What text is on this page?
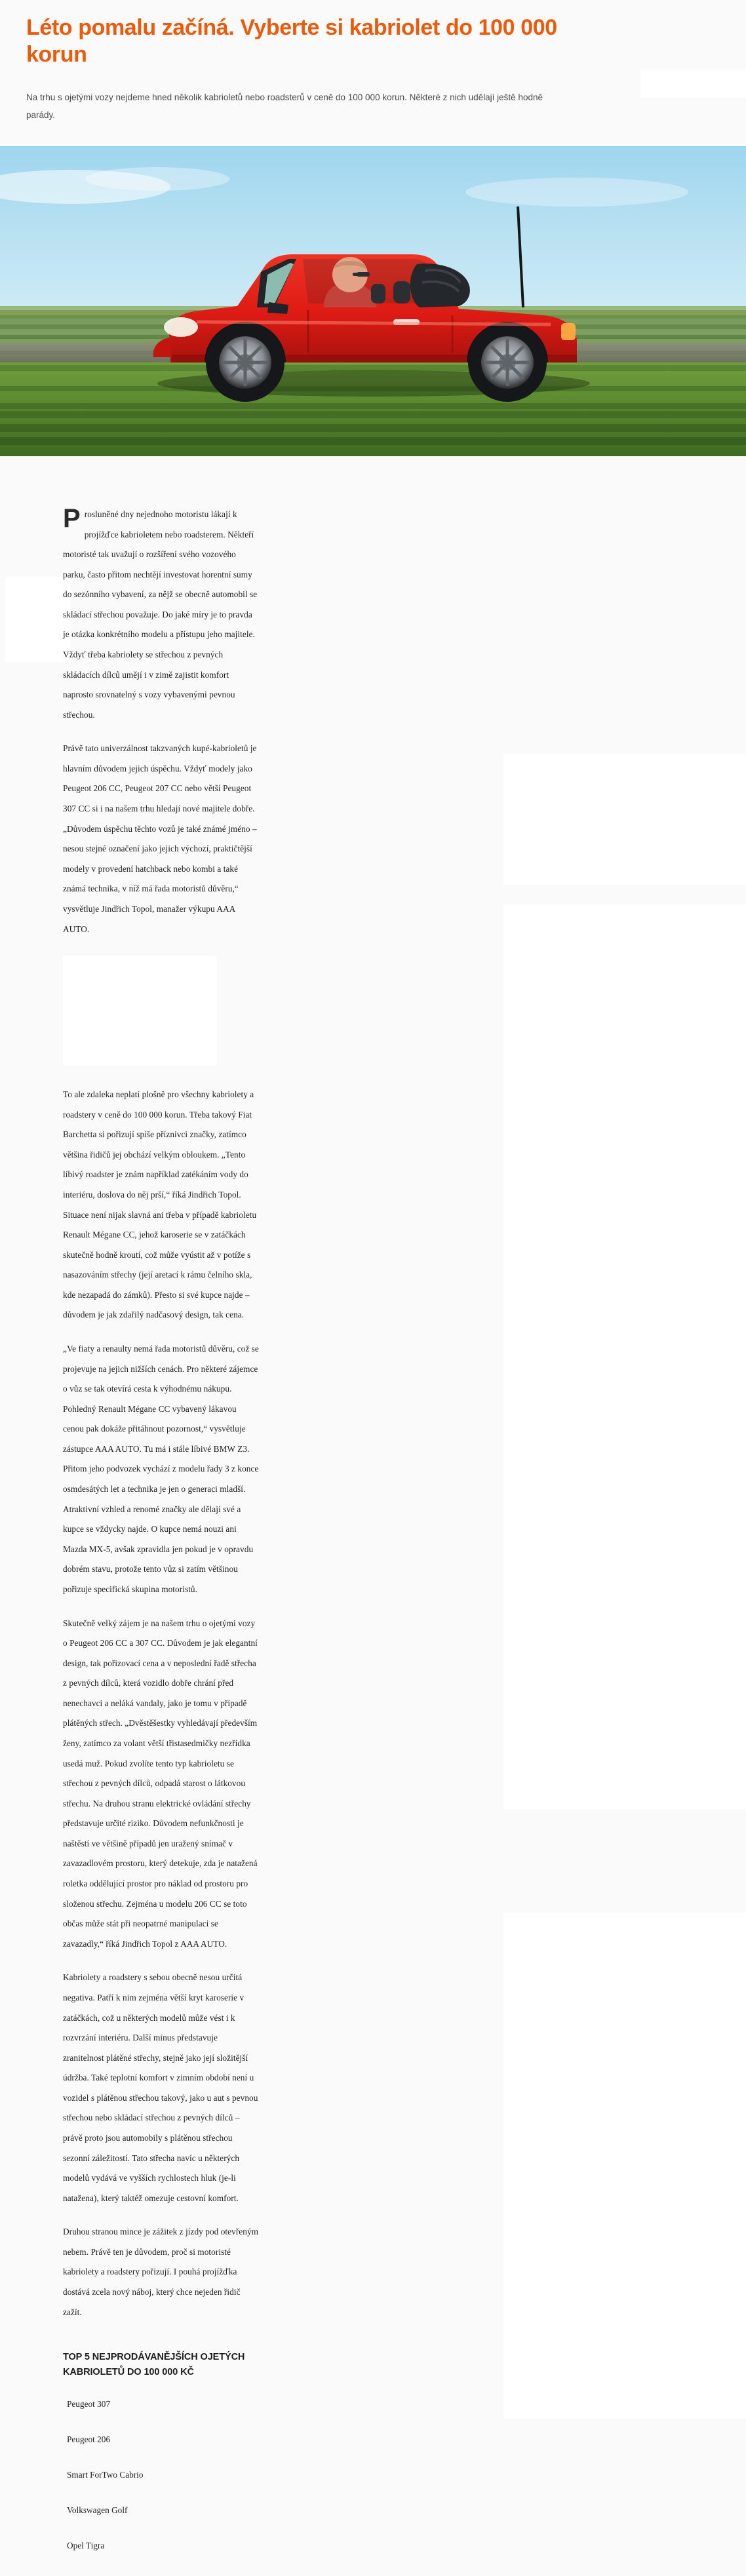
Léto pomalu začíná. Vyberte si kabriolet do 100 000 korun

Na trhu s ojetými vozy nejdeme hned několik kabrioletů nebo roadsterů v ceně do 100 000 korun. Některé z nich udělají ještě hodně parády.

Prosluněné dny nejednoho motoristu lákají k projížďce kabrioletem nebo roadsterem. Někteří motoristé tak uvažují o rozšíření svého vozového parku, často přitom nechtějí investovat horentní sumy do sezónního vybavení, za nějž se obecně automobil se skládací střechou považuje. Do jaké míry je to pravda je otázka konkrétního modelu a přístupu jeho majitele. Vždyť třeba kabriolety se střechou z pevných skládacích dílců umějí i v zimě zajistit komfort naprosto srovnatelný s vozy vybavenými pevnou střechou.

Právě tato univerzálnost takzvaných kupé-kabrioletů je hlavním důvodem jejich úspěchu. Vždyť modely jako Peugeot 206 CC, Peugeot 207 CC nebo větší Peugeot 307 CC si i na našem trhu hledají nové majitele dobře. „Důvodem úspěchu těchto vozů je také známé jméno – nesou stejné označení jako jejich výchozí, praktičtější modely v provedení hatchback nebo kombi a také známá technika, v níž má řada motoristů důvěru,“ vysvětluje Jindřich Topol, manažer výkupu AAA AUTO.

To ale zdaleka neplatí plošně pro všechny kabriolety a roadstery v ceně do 100 000 korun. Třeba takový Fiat Barchetta si pořizují spíše příznivci značky, zatímco většina řidičů jej obchází velkým obloukem. „Tento líbivý roadster je znám například zatékáním vody do interiéru, doslova do něj prší,“ říká Jindřich Topol. Situace není nijak slavná ani třeba v případě kabrioletu Renault Mégane CC, jehož karoserie se v zatáčkách skutečně hodně kroutí, což může vyústit až v potíže s nasazováním střechy (její aretací k rámu čelního skla, kde nezapadá do zámků). Přesto si své kupce najde – důvodem je jak zdařilý nadčasový design, tak cena.

„Ve fiaty a renaulty nemá řada motoristů důvěru, což se projevuje na jejich nižších cenách. Pro některé zájemce o vůz se tak otevírá cesta k výhodnému nákupu. Pohledný Renault Mégane CC vybavený lákavou cenou pak dokáže přitáhnout pozornost,“ vysvětluje zástupce AAA AUTO. Tu má i stále líbivé BMW Z3. Přitom jeho podvozek vychází z modelu řady 3 z konce osmdesátých let a technika je jen o generaci mladší. Atraktivní vzhled a renomé značky ale dělají své a kupce se vždycky najde. O kupce nemá nouzi ani Mazda MX-5, avšak zpravidla jen pokud je v opravdu dobrém stavu, protože tento vůz si zatím většinou pořizuje specifická skupina motoristů.

Skutečně velký zájem je na našem trhu o ojetými vozy o Peugeot 206 CC a 307 CC. Důvodem je jak elegantní design, tak pořizovací cena a v neposlední řadě střecha z pevných dílců, která vozidlo dobře chrání před nenechavci a neláká vandaly, jako je tomu v případě plátěných střech. „Dvěstěšestky vyhledávají především ženy, zatímco za volant větší třistasedmičky nezřídka usedá muž. Pokud zvolíte tento typ kabrioletu se střechou z pevných dílců, odpadá starost o látkovou střechu. Na druhou stranu elektrické ovládání střechy představuje určité riziko. Důvodem nefunkčnosti je naštěstí ve většině případů jen uražený snímač v zavazadlovém prostoru, který detekuje, zda je natažená roletka oddělující prostor pro náklad od prostoru pro složenou střechu. Zejména u modelu 206 CC se toto občas může stát při neopatrné manipulaci se zavazadly,“ říká Jindřich Topol z AAA AUTO.

Kabriolety a roadstery s sebou obecně nesou určitá negativa. Patří k nim zejména větší kryt karoserie v zatáčkách, což u některých modelů může vést i k rozvrzání interiéru. Další minus představuje zranitelnost plátěné střechy, stejně jako její složitější údržba. Také teplotní komfort v zimním období není u vozidel s plátěnou střechou takový, jako u aut s pevnou střechou nebo skládací střechou z pevných dílců – právě proto jsou automobily s plátěnou střechou sezonní záležitostí. Tato střecha navíc u některých modelů vydává ve vyšších rychlostech hluk (je-li natažena), který taktéž omezuje cestovní komfort.

Druhou stranou mince je zážitek z jízdy pod otevřeným nebem. Právě ten je důvodem, proč si motoristé kabriolety a roadstery pořizují. I pouhá projížďka dostává zcela nový náboj, který chce nejeden řidič zažít.

TOP 5 NEJPRODÁVANĚJŠÍCH OJETÝCH KABRIOLETŮ DO 100 000 KČ
Peugeot 307
Peugeot 206
Smart ForTwo Cabrio
Volkswagen Golf
Opel Tigra
